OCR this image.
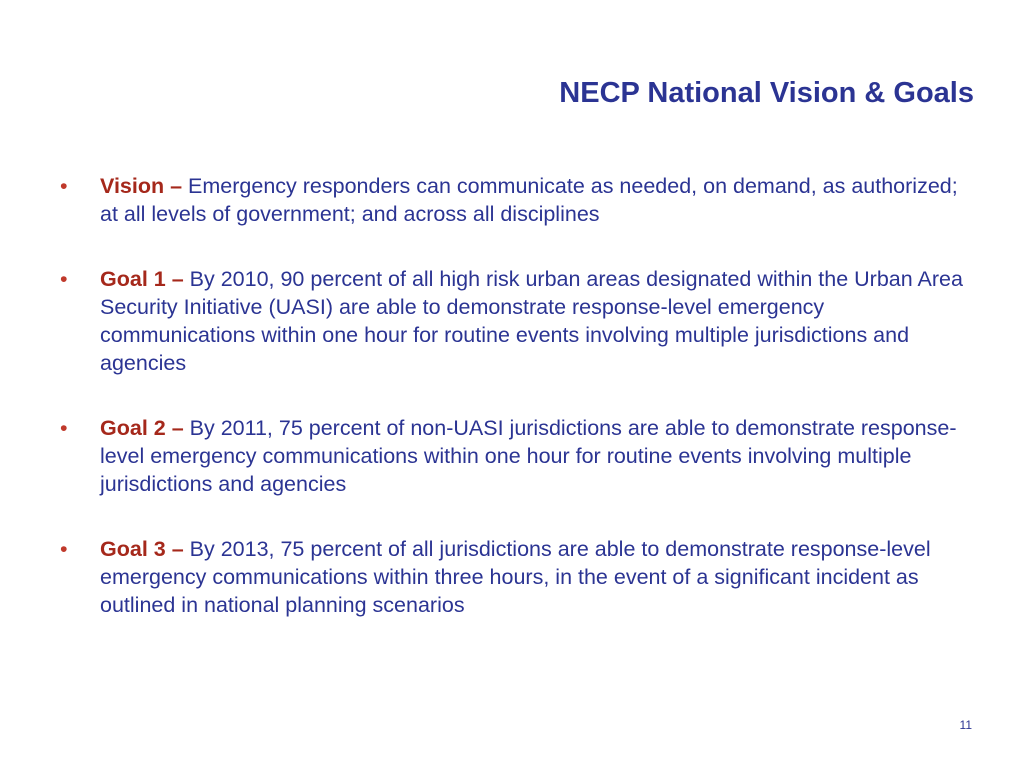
NECP National Vision & Goals
• Vision – Emergency responders can communicate as needed, on demand, as authorized; at all levels of government; and across all disciplines
• Goal 1 – By 2010, 90 percent of all high risk urban areas designated within the Urban Area Security Initiative (UASI) are able to demonstrate response-level emergency communications within one hour for routine events involving multiple jurisdictions and agencies
• Goal 2 – By 2011, 75 percent of non-UASI jurisdictions are able to demonstrate response-level emergency communications within one hour for routine events involving multiple jurisdictions and agencies
• Goal 3 – By 2013, 75 percent of all jurisdictions are able to demonstrate response-level emergency communications within three hours, in the event of a significant incident as outlined in national planning scenarios
11
